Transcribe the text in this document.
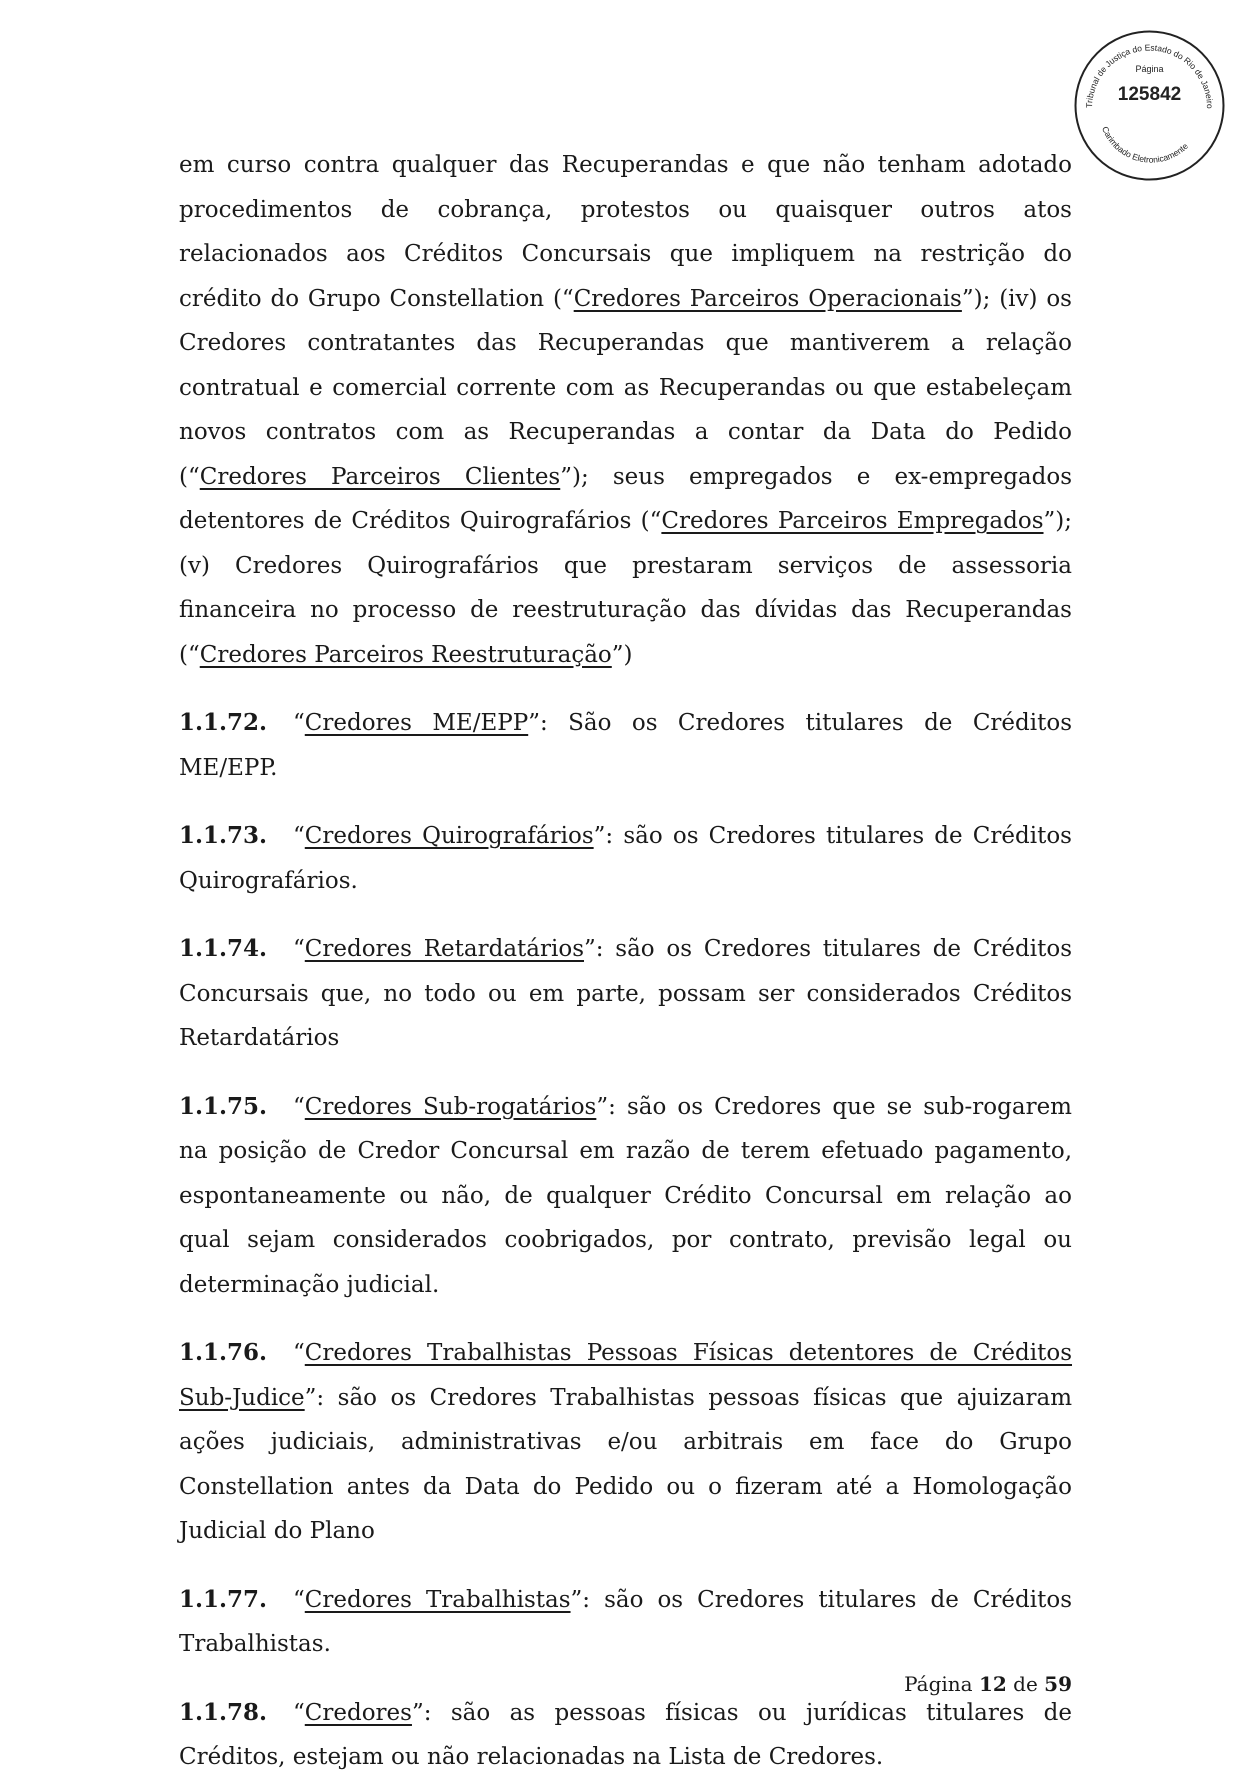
Tribunal de Justiça do Estado do Rio de Janeiro
Página
125842
Carimbado Eletronicamente

em curso contra qualquer das Recuperandas e que não tenham adotado procedimentos de cobrança, protestos ou quaisquer outros atos relacionados aos Créditos Concursais que impliquem na restrição do crédito do Grupo Constellation (“Credores Parceiros Operacionais”); (iv) os Credores contratantes das Recuperandas que mantiverem a relação contratual e comercial corrente com as Recuperandas ou que estabeleçam novos contratos com as Recuperandas a contar da Data do Pedido (“Credores Parceiros Clientes”); seus empregados e ex-empregados detentores de Créditos Quirografários (“Credores Parceiros Empregados”); (v) Credores Quirografários que prestaram serviços de assessoria financeira no processo de reestruturação das dívidas das Recuperandas (“Credores Parceiros Reestruturação”)

1.1.72. “Credores ME/EPP”: São os Credores titulares de Créditos ME/EPP.

1.1.73. “Credores Quirografários”: são os Credores titulares de Créditos Quirografários.

1.1.74. “Credores Retardatários”: são os Credores titulares de Créditos Concursais que, no todo ou em parte, possam ser considerados Créditos Retardatários

1.1.75. “Credores Sub-rogatários”: são os Credores que se sub-rogarem na posição de Credor Concursal em razão de terem efetuado pagamento, espontaneamente ou não, de qualquer Crédito Concursal em relação ao qual sejam considerados coobrigados, por contrato, previsão legal ou determinação judicial.

1.1.76. “Credores Trabalhistas Pessoas Físicas detentores de Créditos Sub-Judice”: são os Credores Trabalhistas pessoas físicas que ajuizaram ações judiciais, administrativas e/ou arbitrais em face do Grupo Constellation antes da Data do Pedido ou o fizeram até a Homologação Judicial do Plano

1.1.77. “Credores Trabalhistas”: são os Credores titulares de Créditos Trabalhistas.

1.1.78. “Credores”: são as pessoas físicas ou jurídicas titulares de Créditos, estejam ou não relacionadas na Lista de Credores.

Página 12 de 59
